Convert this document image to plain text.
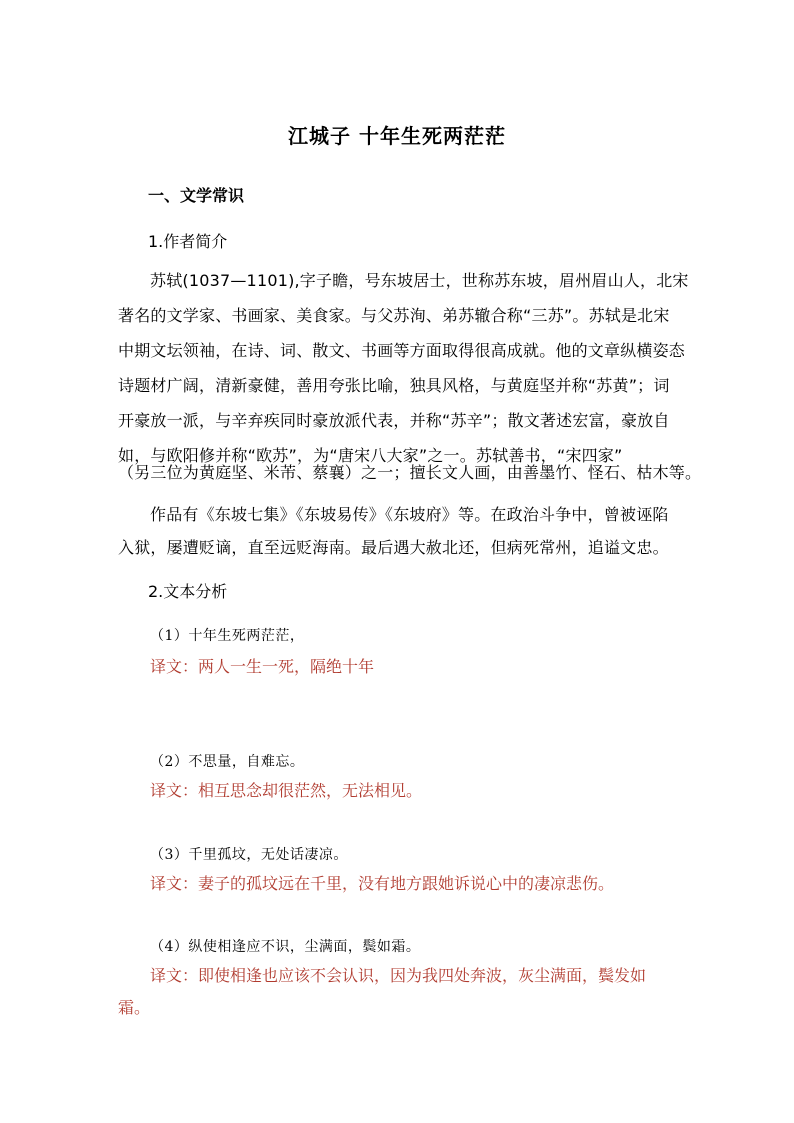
江城子 十年生死两茫茫
一、文学常识
1.作者简介
苏轼(1037—1101),字子瞻，号东坡居士，世称苏东坡，眉州眉山人，北宋
著名的文学家、书画家、美食家。与父苏洵、弟苏辙合称“三苏”。苏轼是北宋
中期文坛领袖，在诗、词、散文、书画等方面取得很高成就。他的文章纵横姿态
诗题材广阔，清新豪健，善用夸张比喻，独具风格，与黄庭坚并称“苏黄”；词
开豪放一派，与辛弃疾同时豪放派代表，并称“苏辛”；散文著述宏富，豪放自
如，与欧阳修并称“欧苏”，为“唐宋八大家”之一。苏轼善书，“宋四家”
（另三位为黄庭坚、米芾、蔡襄）之一；擅长文人画，由善墨竹、怪石、枯木等。
作品有《东坡七集》《东坡易传》《东坡府》等。在政治斗争中，曾被诬陷
入狱，屡遭贬谪，直至远贬海南。最后遇大赦北还，但病死常州，追谥文忠。
2.文本分析
（1）十年生死两茫茫，
译文：两人一生一死，隔绝十年
（2）不思量，自难忘。
译文：相互思念却很茫然，无法相见。
（3）千里孤坟，无处话凄凉。
译文：妻子的孤坟远在千里，没有地方跟她诉说心中的凄凉悲伤。
（4）纵使相逢应不识，尘满面，鬓如霜。
译文：即使相逢也应该不会认识，因为我四处奔波，灰尘满面，鬓发如
霜。
